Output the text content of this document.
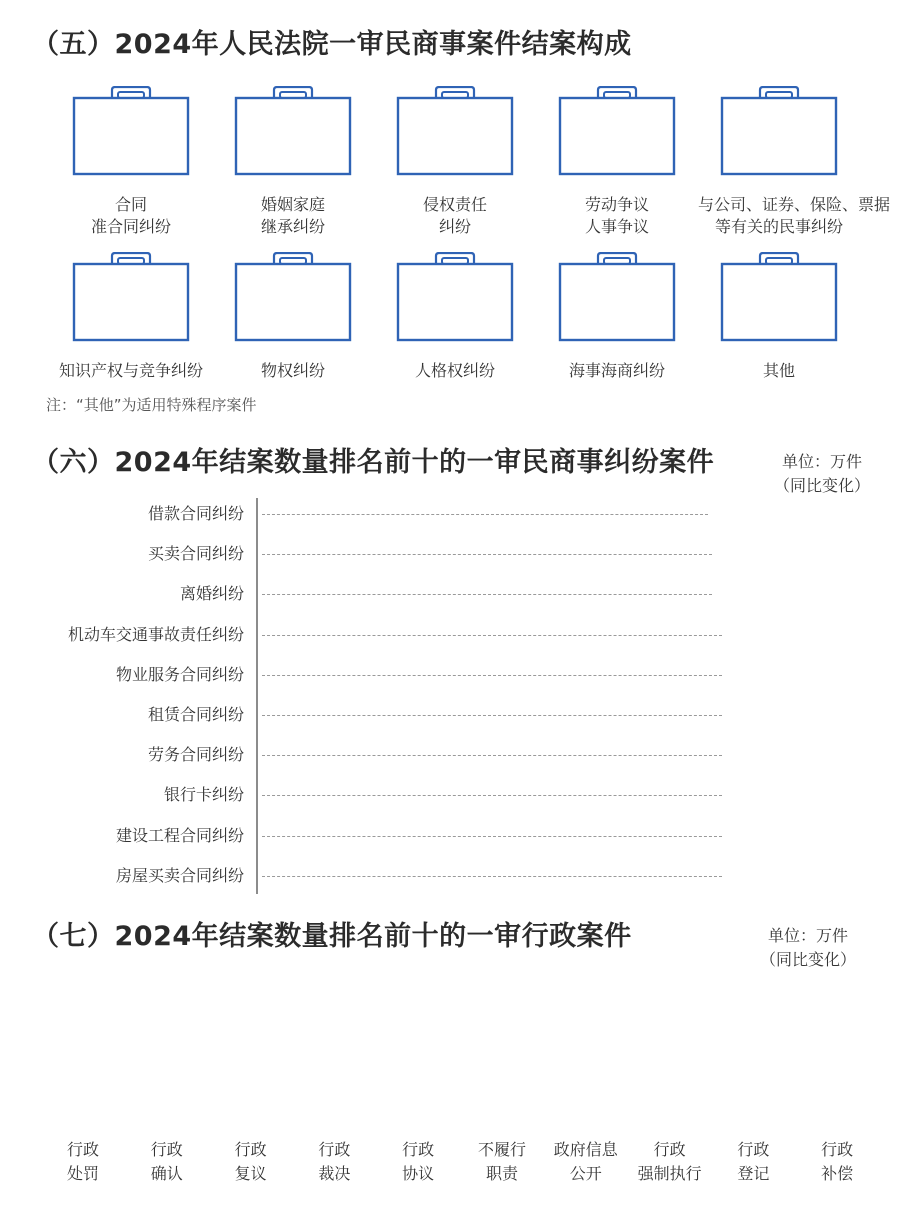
（五）2024年人民法院一审民商事案件结案构成
合同
准合同纠纷
婚姻家庭
继承纠纷
侵权责任
纠纷
劳动争议
人事争议
与公司、证券、保险、票据
等有关的民事纠纷
知识产权与竞争纠纷	物权纠纷	人格权纠纷	海事海商纠纷	其他
注：“其他”为适用特殊程序案件
（六）2024年结案数量排名前十的一审民商事纠纷案件	单位：万件
（同比变化）
借款合同纠纷
买卖合同纠纷
离婚纠纷
机动车交通事故责任纠纷
物业服务合同纠纷
租赁合同纠纷
劳务合同纠纷
银行卡纠纷
建设工程合同纠纷
房屋买卖合同纠纷
（七）2024年结案数量排名前十的一审行政案件	单位：万件
（同比变化）
行政
处罚
行政
确认
行政
复议
行政
裁决
行政
协议
不履行
职责
政府信息
公开
行政
强制执行
行政
登记
行政
补偿
